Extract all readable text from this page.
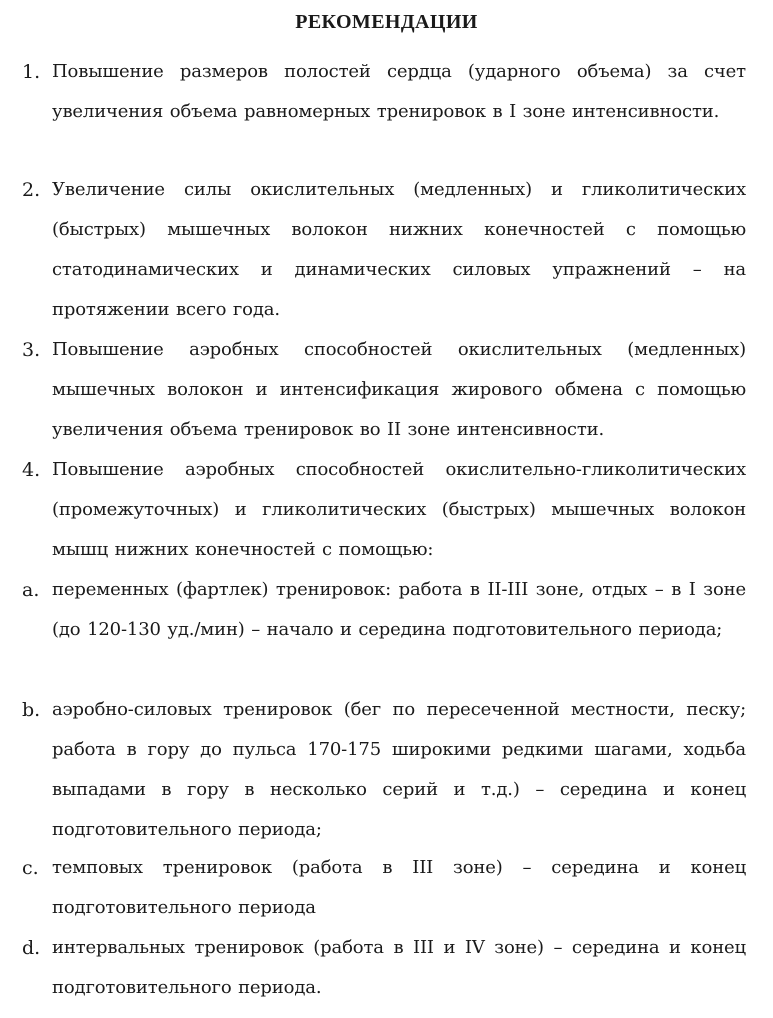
РЕКОМЕНДАЦИИ
1. Повышение размеров полостей сердца (ударного объема) за счет увеличения объема равномерных тренировок в I зоне интенсивности.
2. Увеличение силы окислительных (медленных) и гликолитических (быстрых) мышечных волокон нижних конечностей с помощью статодинамических и динамических силовых упражнений – на протяжении всего года.
3. Повышение аэробных способностей окислительных (медленных) мышечных волокон и интенсификация жирового обмена с помощью увеличения объема тренировок во II зоне интенсивности.
4. Повышение аэробных способностей окислительно-гликолитических (промежуточных) и гликолитических (быстрых) мышечных волокон мышц нижних конечностей с помощью:
a. переменных (фартлек) тренировок: работа в II-III зоне, отдых – в I зоне (до 120-130 уд./мин) – начало и середина подготовительного периода;
b. аэробно-силовых тренировок (бег по пересеченной местности, песку; работа в гору до пульса 170-175 широкими редкими шагами, ходьба выпадами в гору в несколько серий и т.д.) – середина и конец подготовительного периода;
c. темповых тренировок (работа в III зоне) – середина и конец подготовительного периода
d. интервальных тренировок (работа в III и IV зоне) – середина и конец подготовительного периода.
